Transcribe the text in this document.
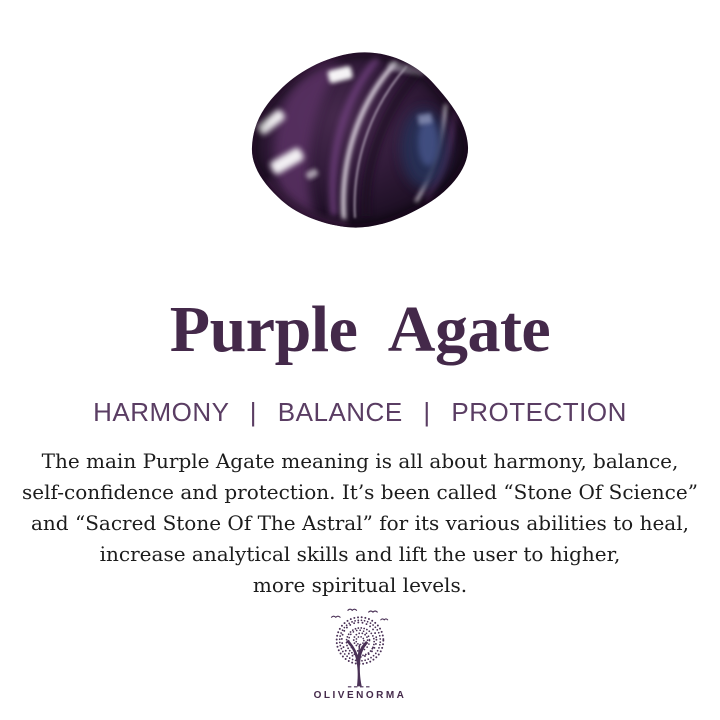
Purple Agate
HARMONY | BALANCE | PROTECTION
The main Purple Agate meaning is all about harmony, balance,
self-confidence and protection. It’s been called “Stone Of Science”
and “Sacred Stone Of The Astral” for its various abilities to heal,
increase analytical skills and lift the user to higher,
more spiritual levels.
OLIVENORMA
